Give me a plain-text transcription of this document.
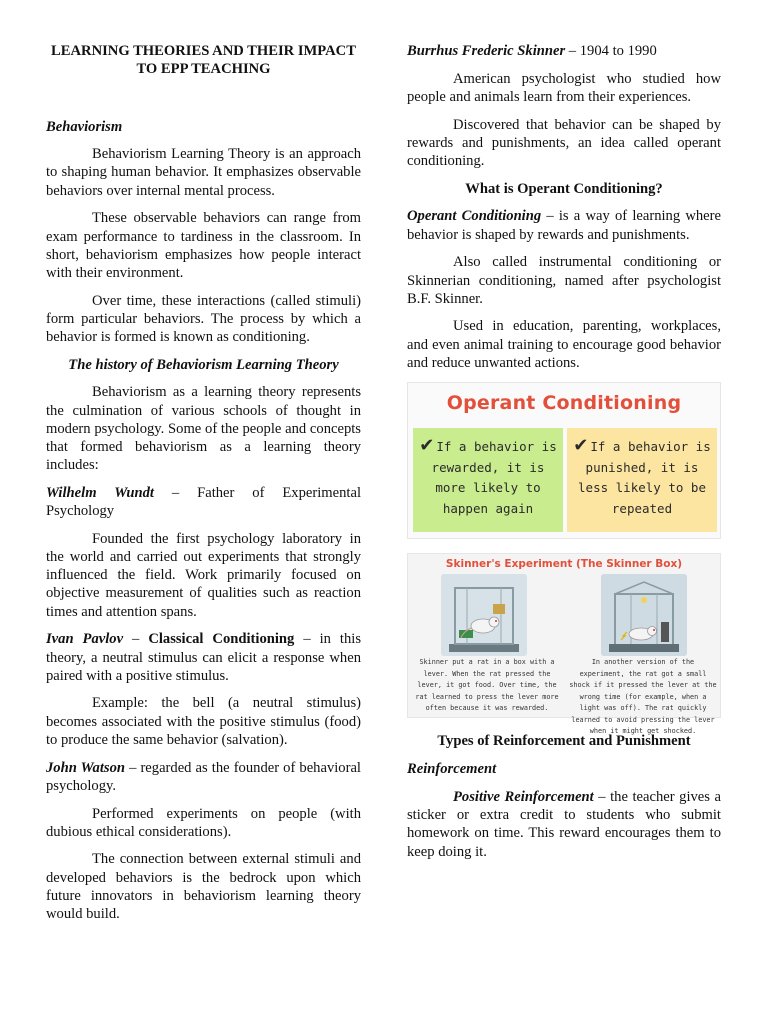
LEARNING THEORIES AND THEIR IMPACT TO EPP TEACHING

Behaviorism

Behaviorism Learning Theory is an approach to shaping human behavior. It emphasizes observable behaviors over internal mental process.

These observable behaviors can range from exam performance to tardiness in the classroom. In short, behaviorism emphasizes how people interact with their environment.

Over time, these interactions (called stimuli) form particular behaviors. The process by which a behavior is formed is known as conditioning.

The history of Behaviorism Learning Theory

Behaviorism as a learning theory represents the culmination of various schools of thought in modern psychology. Some of the people and concepts that formed behaviorism as a learning theory includes:

Wilhelm Wundt – Father of Experimental Psychology

Founded the first psychology laboratory in the world and carried out experiments that strongly influenced the field. Work primarily focused on objective measurement of qualities such as reaction times and attention spans.

Ivan Pavlov – Classical Conditioning – in this theory, a neutral stimulus can elicit a response when paired with a positive stimulus.

Example: the bell (a neutral stimulus) becomes associated with the positive stimulus (food) to produce the same behavior (salvation).

John Watson – regarded as the founder of behavioral psychology.

Performed experiments on people (with dubious ethical considerations).

The connection between external stimuli and developed behaviors is the bedrock upon which future innovators in behaviorism learning theory would build.

Burrhus Frederic Skinner – 1904 to 1990

American psychologist who studied how people and animals learn from their experiences.

Discovered that behavior can be shaped by rewards and punishments, an idea called operant conditioning.

What is Operant Conditioning?

Operant Conditioning – is a way of learning where behavior is shaped by rewards and punishments.

Also called instrumental conditioning or Skinnerian conditioning, named after psychologist B.F. Skinner.

Used in education, parenting, workplaces, and even animal training to encourage good behavior and reduce unwanted actions.

Operant Conditioning
✔ If a behavior is rewarded, it is more likely to happen again
✔ If a behavior is punished, it is less likely to be repeated
Skinner's Experiment (The Skinner Box)
Skinner put a rat in a box with a lever. When the rat pressed the lever, it got food. Over time, the rat learned to press the lever more often because it was rewarded.
In another version of the experiment, the rat got a small shock if it pressed the lever at the wrong time (for example, when a light was off). The rat quickly learned to avoid pressing the lever when it might get shocked.

Types of Reinforcement and Punishment

Reinforcement

Positive Reinforcement – the teacher gives a sticker or extra credit to students who submit homework on time. This reward encourages them to keep doing it.
